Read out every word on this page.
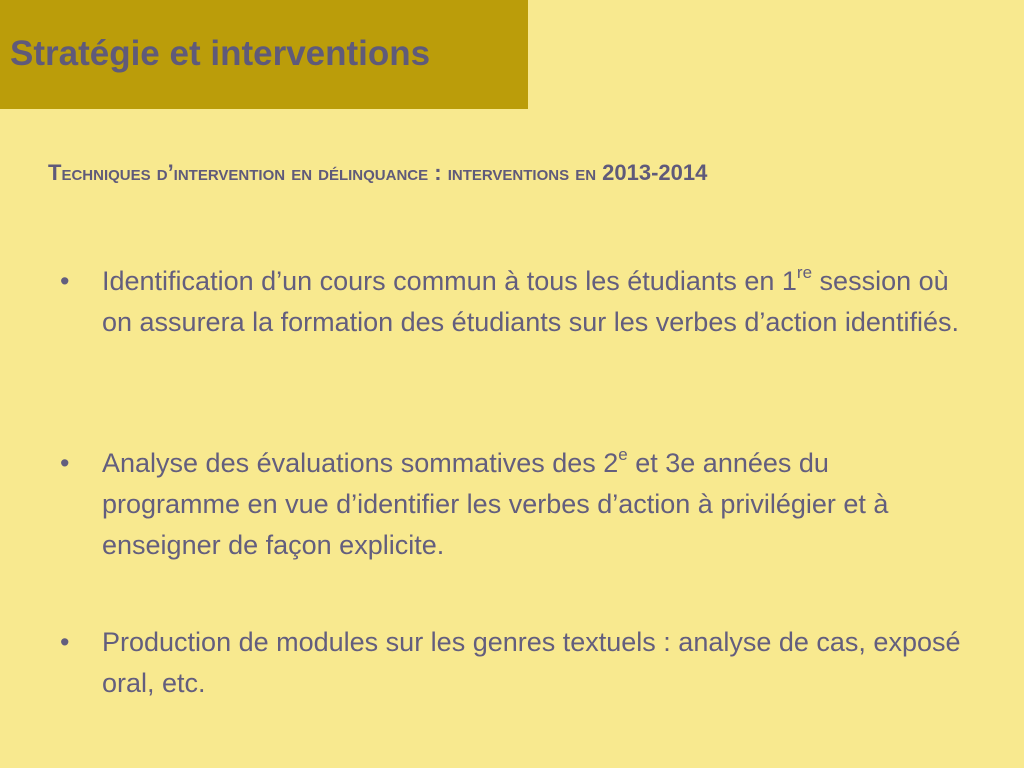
Stratégie et interventions
Techniques d’intervention en délinquance : interventions en 2013-2014
•	Identification d’un cours commun à tous les étudiants en 1re session où on assurera la formation des étudiants sur les verbes d’action identifiés.
•	Analyse des évaluations sommatives des 2e et 3e années du programme en vue d’identifier les verbes d’action à privilégier et à enseigner de façon explicite.
•	Production de modules sur les genres textuels : analyse de cas, exposé oral, etc.
